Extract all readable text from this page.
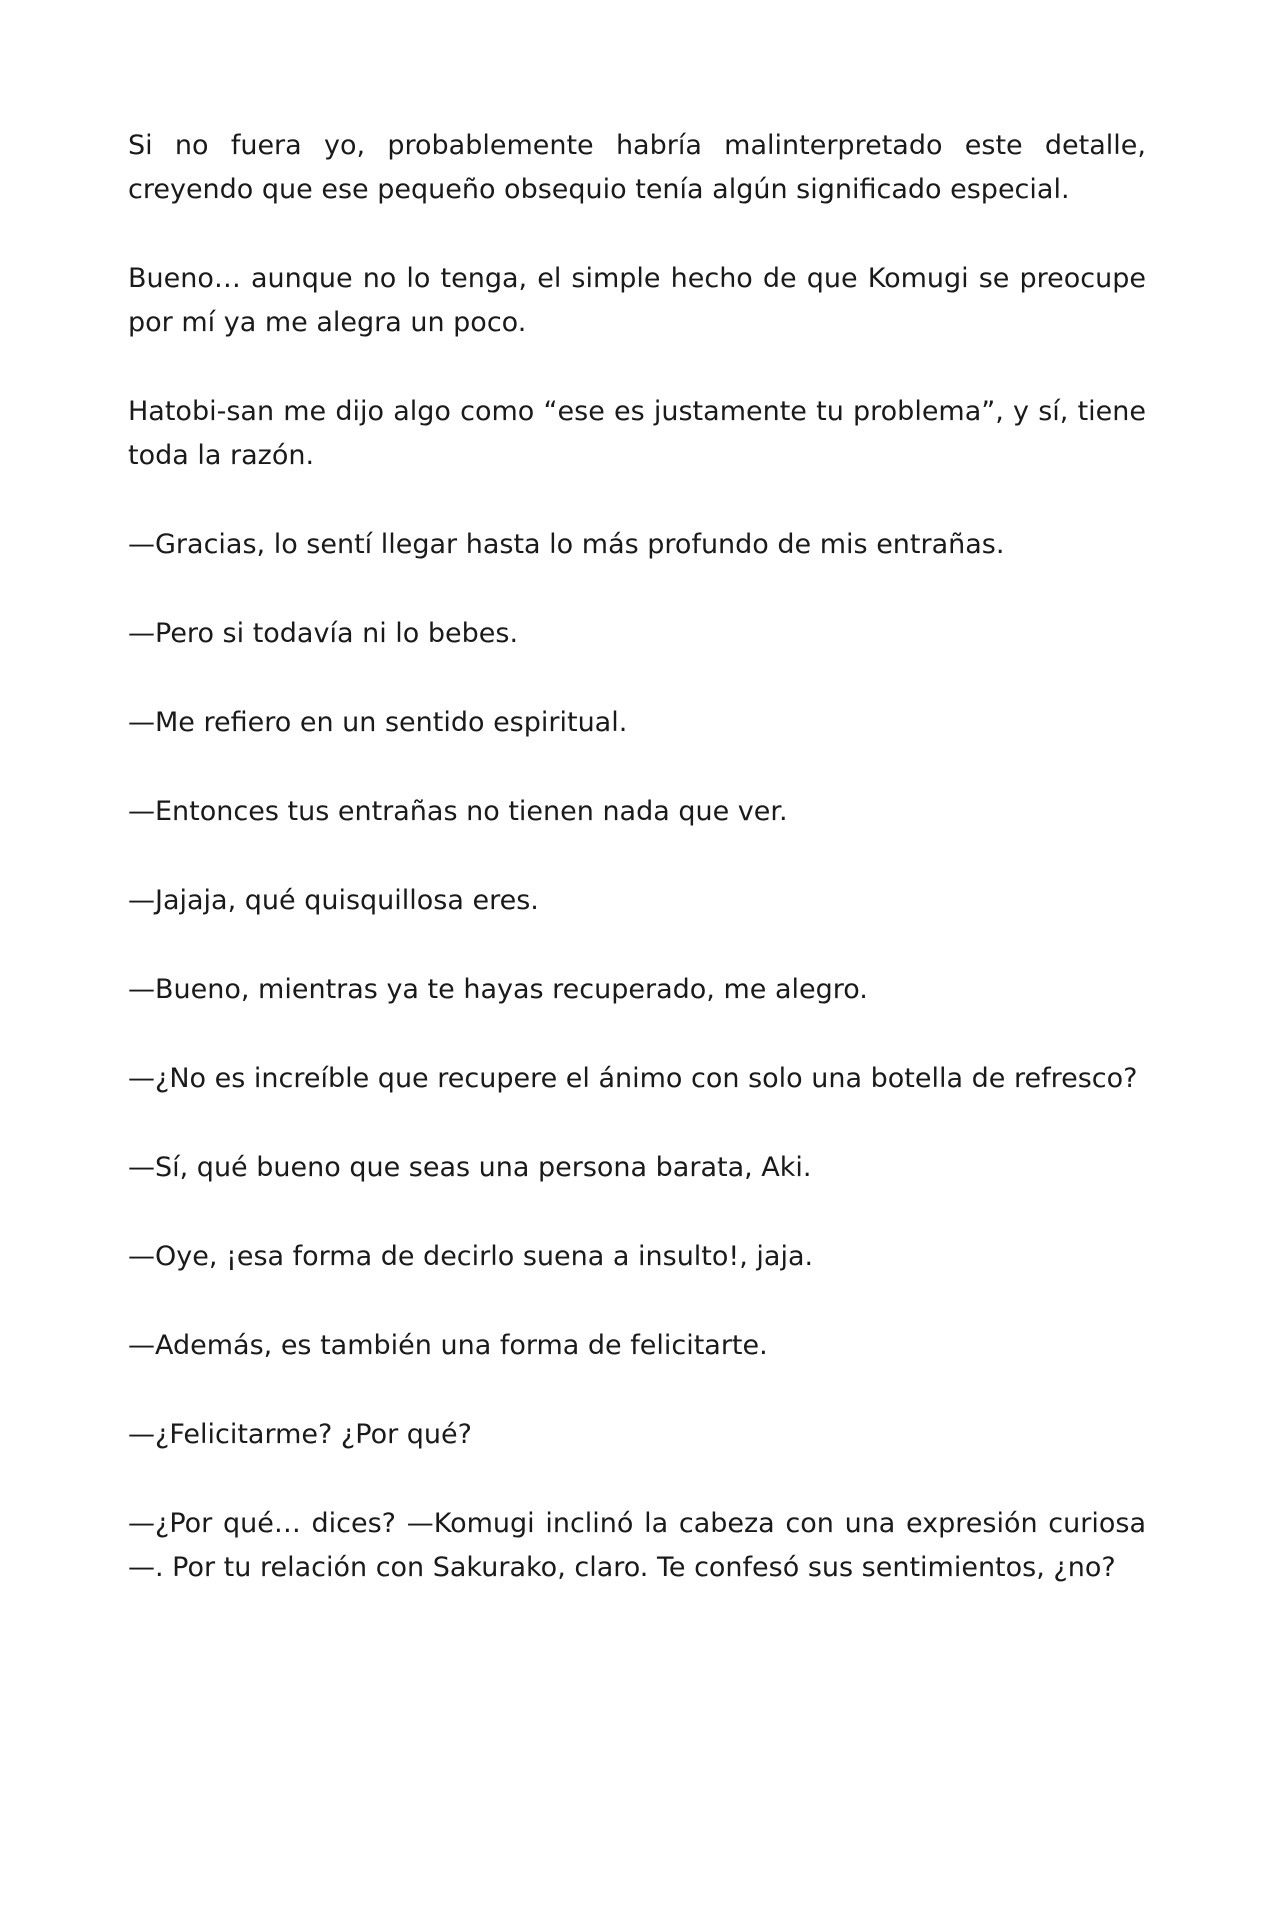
Si no fuera yo, probablemente habría malinterpretado este detalle, creyendo que ese pequeño obsequio tenía algún significado especial.

Bueno… aunque no lo tenga, el simple hecho de que Komugi se preocupe por mí ya me alegra un poco.

Hatobi-san me dijo algo como “ese es justamente tu problema”, y sí, tiene toda la razón.

—Gracias, lo sentí llegar hasta lo más profundo de mis entrañas.

—Pero si todavía ni lo bebes.

—Me refiero en un sentido espiritual.

—Entonces tus entrañas no tienen nada que ver.

—Jajaja, qué quisquillosa eres.

—Bueno, mientras ya te hayas recuperado, me alegro.

—¿No es increíble que recupere el ánimo con solo una botella de refresco?

—Sí, qué bueno que seas una persona barata, Aki.

—Oye, ¡esa forma de decirlo suena a insulto!, jaja.

—Además, es también una forma de felicitarte.

—¿Felicitarme? ¿Por qué?

—¿Por qué… dices? —Komugi inclinó la cabeza con una expresión curiosa—. Por tu relación con Sakurako, claro. Te confesó sus sentimientos, ¿no?
